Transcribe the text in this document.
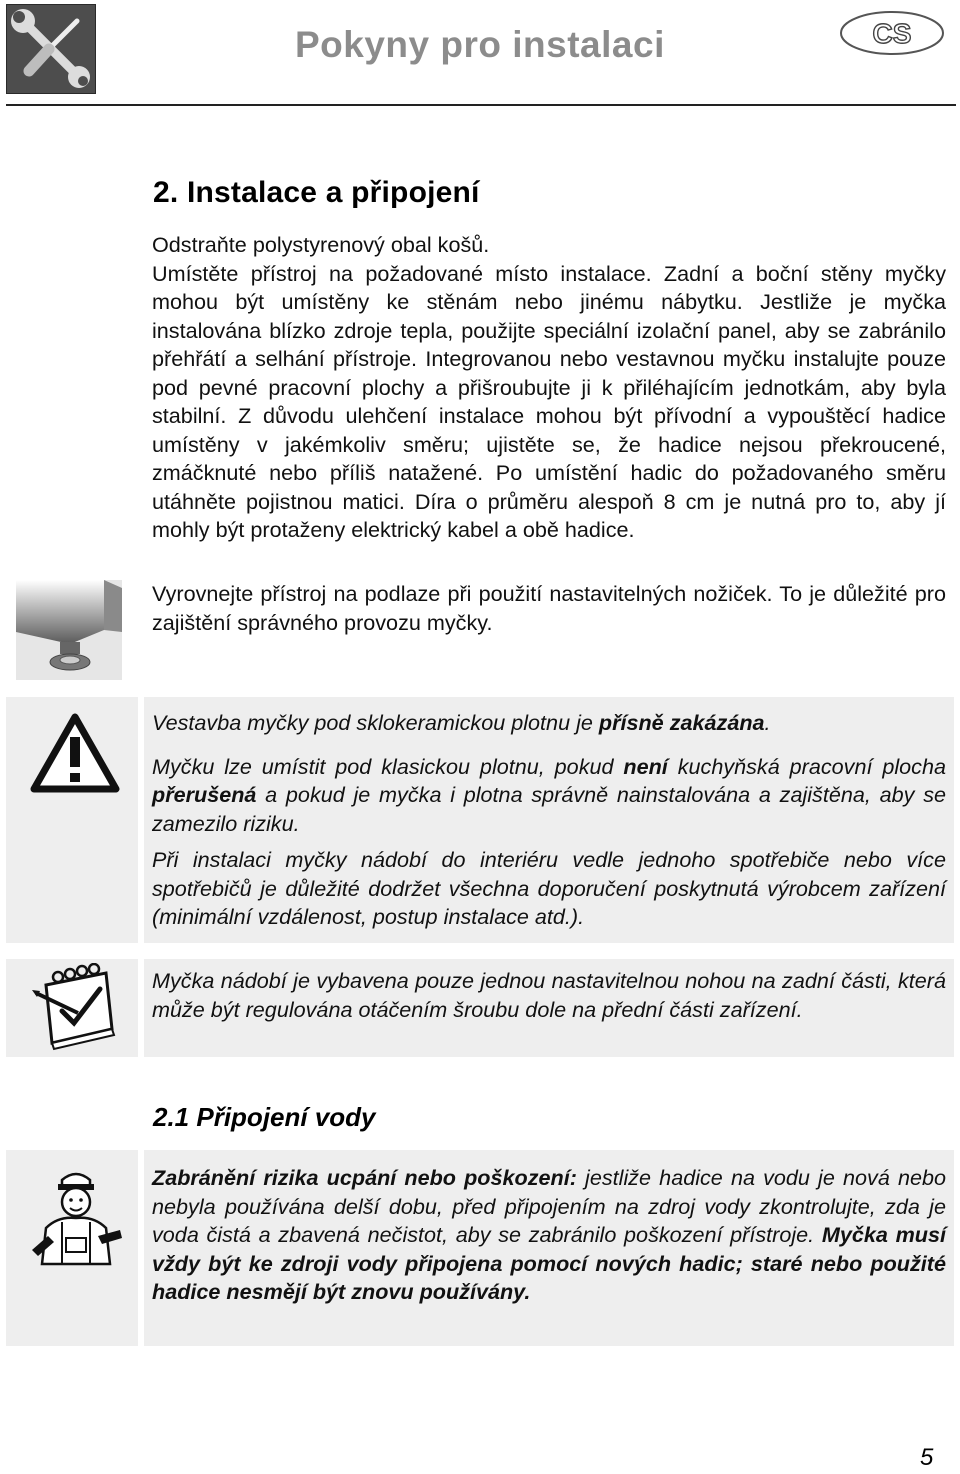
Pokyny pro instalaci	CS
2. Instalace a připojení

Odstraňte polystyrenový obal košů.

Umístěte přístroj na požadované místo instalace. Zadní a boční stěny myčky mohou být umístěny ke stěnám nebo jinému nábytku. Jestliže je myčka instalována blízko zdroje tepla, použijte speciální izolační panel, aby se zabránilo přehřátí a selhání přístroje. Integrovanou nebo vestavnou myčku instalujte pouze pod pevné pracovní plochy a přišroubujte ji k přiléhajícím jednotkám, aby byla stabilní. Z důvodu ulehčení instalace mohou být přívodní a vypouštěcí hadice umístěny v jakémkoliv směru; ujistěte se, že hadice nejsou překroucené, zmáčknuté nebo příliš natažené. Po umístění hadic do požadovaného směru utáhněte pojistnou matici. Díra o průměru alespoň 8 cm je nutná pro to, aby jí mohly být protaženy elektrický kabel a obě hadice.

Vyrovnejte přístroj na podlaze při použití nastavitelných nožiček. To je důležité pro zajištění správného provozu myčky.

Vestavba myčky pod sklokeramickou plotnu je přísně zakázána.

Myčku lze umístit pod klasickou plotnu, pokud není kuchyňská pracovní plocha přerušená a pokud je myčka i plotna správně nainstalována a zajištěna, aby se zamezilo riziku.

Při instalaci myčky nádobí do interiéru vedle jednoho spotřebiče nebo více spotřebičů je důležité dodržet všechna doporučení poskytnutá výrobcem zařízení (minimální vzdálenost, postup instalace atd.).

Myčka nádobí je vybavena pouze jednou nastavitelnou nohou na zadní části, která může být regulována otáčením šroubu dole na přední části zařízení.

2.1 Připojení vody

Zabránění rizika ucpání nebo poškození: jestliže hadice na vodu je nová nebo nebyla používána delší dobu, před připojením na zdroj vody zkontrolujte, zda je voda čistá a zbavená nečistot, aby se zabránilo poškození přístroje. Myčka musí vždy být ke zdroji vody připojena pomocí nových hadic; staré nebo použité hadice nesmějí být znovu používány.

5
